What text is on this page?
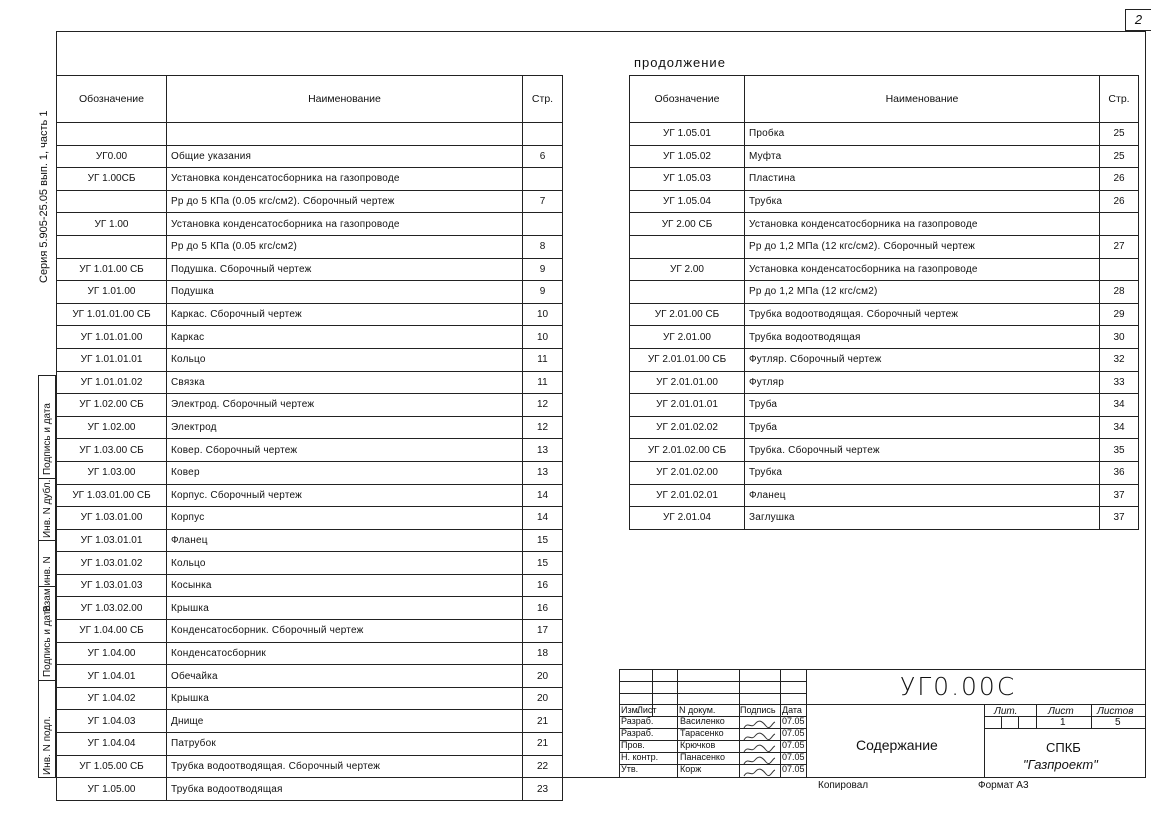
2
Серия 5.905-25.05 вып. 1, часть 1
Инв. N подл.
Подпись и дата
Взам инв. N
Инв. N дубл.
Подпись и дата
Обозначение	Наименование	Стр.

УГ0.00	Общие указания	6
УГ 1.00СБ	Установка конденсатосборника на газопроводе	
	Рр до 5 КПа (0.05 кгс/см2). Сборочный чертеж	7
УГ 1.00	Установка конденсатосборника на газопроводе	
	Рр до 5 КПа (0.05 кгс/см2)	8
УГ 1.01.00 СБ	Подушка. Сборочный чертеж	9
УГ 1.01.00	Подушка	9
УГ 1.01.01.00 СБ	Каркас. Сборочный чертеж	10
УГ 1.01.01.00	Каркас	10
УГ 1.01.01.01	Кольцо	11
УГ 1.01.01.02	Связка	11
УГ 1.02.00 СБ	Электрод. Сборочный чертеж	12
УГ 1.02.00	Электрод	12
УГ 1.03.00 СБ	Ковер. Сборочный чертеж	13
УГ 1.03.00	Ковер	13
УГ 1.03.01.00 СБ	Корпус. Сборочный чертеж	14
УГ 1.03.01.00	Корпус	14
УГ 1.03.01.01	Фланец	15
УГ 1.03.01.02	Кольцо	15
УГ 1.03.01.03	Косынка	16
УГ 1.03.02.00	Крышка	16
УГ 1.04.00 СБ	Конденсатосборник. Сборочный чертеж	17
УГ 1.04.00	Конденсатосборник	18
УГ 1.04.01	Обечайка	20
УГ 1.04.02	Крышка	20
УГ 1.04.03	Днище	21
УГ 1.04.04	Патрубок	21
УГ 1.05.00 СБ	Трубка водоотводящая. Сборочный чертеж	22
УГ 1.05.00	Трубка водоотводящая	23
продолжение
Обозначение	Наименование	Стр.
УГ 1.05.01	Пробка	25
УГ 1.05.02	Муфта	25
УГ 1.05.03	Пластина	26
УГ 1.05.04	Трубка	26
УГ 2.00 СБ	Установка конденсатосборника на газопроводе	
	Рр до 1,2 МПа (12 кгс/см2). Сборочный чертеж	27
УГ 2.00	Установка конденсатосборника на газопроводе	
	Рр до 1,2 МПа (12 кгс/см2)	28
УГ 2.01.00 СБ	Трубка водоотводящая. Сборочный чертеж	29
УГ 2.01.00	Трубка водоотводящая	30
УГ 2.01.01.00 СБ	Футляр. Сборочный чертеж	32
УГ 2.01.01.00	Футляр	33
УГ 2.01.01.01	Труба	34
УГ 2.01.02.02	Труба	34
УГ 2.01.02.00 СБ	Трубка. Сборочный чертеж	35
УГ 2.01.02.00	Трубка	36
УГ 2.01.02.01	Фланец	37
УГ 2.01.04	Заглушка	37
Изм.
Лист N докум.	Подпись Дата
Разраб.	Василенко	07.05
Разраб.	Тарасенко	07.05
Пров.	Крючков	07.05
Н. контр. Панасенко	07.05
Утв.	Корж	07.05
УГ0.00С
Содержание
Лит.	Лист Листов
1	5
СПКБ
"Газпроект"
Копировал	Формат А3
